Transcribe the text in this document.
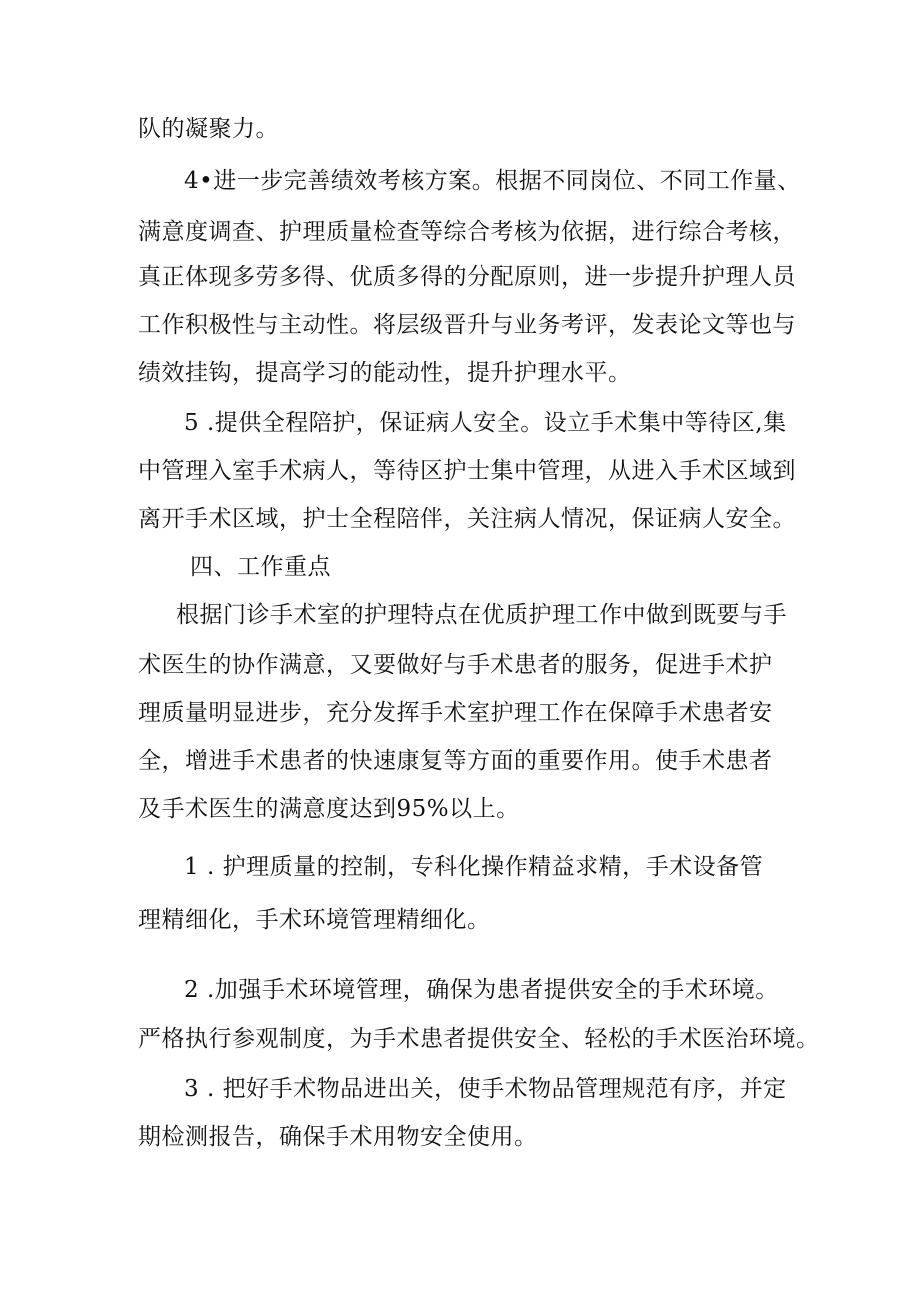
队的凝聚力。
4•进一步完善绩效考核方案。根据不同岗位、不同工作量、
满意度调查、护理质量检查等综合考核为依据，进行综合考核，
真正体现多劳多得、优质多得的分配原则，进一步提升护理人员
工作积极性与主动性。将层级晋升与业务考评，发表论文等也与
绩效挂钩，提高学习的能动性，提升护理水平。
5 .提供全程陪护，保证病人安全。设立手术集中等待区,集
中管理入室手术病人，等待区护士集中管理，从进入手术区域到
离开手术区域，护士全程陪伴，关注病人情况，保证病人安全。
四、工作重点
根据门诊手术室的护理特点在优质护理工作中做到既要与手
术医生的协作满意，又要做好与手术患者的服务，促进手术护
理质量明显进步，充分发挥手术室护理工作在保障手术患者安
全，增进手术患者的快速康复等方面的重要作用。使手术患者
及手术医生的满意度达到95%以上。
1 . 护理质量的控制，专科化操作精益求精，手术设备管
理精细化，手术环境管理精细化。
2 .加强手术环境管理，确保为患者提供安全的手术环境。
严格执行参观制度，为手术患者提供安全、轻松的手术医治环境。
3 . 把好手术物品进出关，使手术物品管理规范有序，并定
期检测报告，确保手术用物安全使用。
